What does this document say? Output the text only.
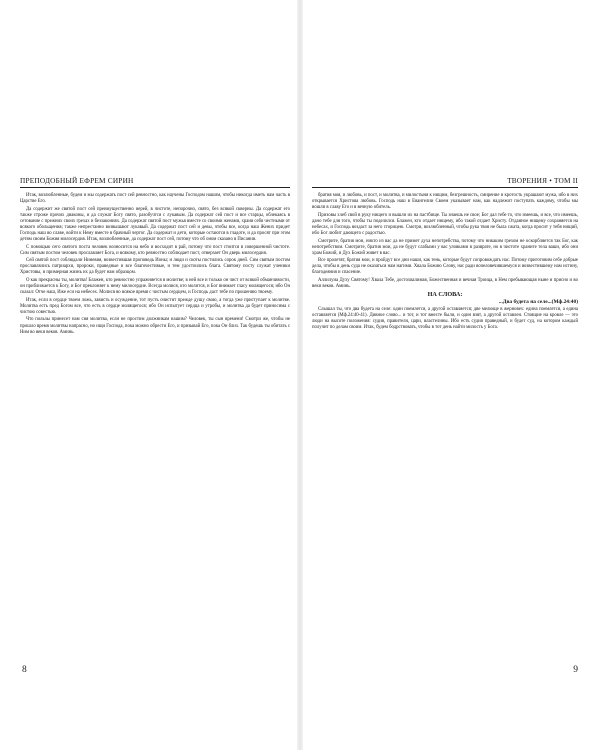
ПРЕПОДОБНЫЙ ЕФРЕМ СИРИН

Итак, возлюбленные, будем и мы содержать пост сей ревностно, как научены Господом нашим, чтобы никогда иметь нам часть в Царстве Его.

Да содержит же святой пост сей преимущественно иерей, в чистоте, непорочно, свято, без всякой скверны. Да содержат его также строже прочих диаконы, и да служат Богу свято, разобучтся с лукавым. Да содержат сей пост и все старцы, облекаясь в сетование с прежних своих грехах и беззакониях. Да содержат святой пост мужья вместе со своими женами, храня себя честными от всякого обольщения; также непрестанно возвышают лукавый. Да содержат пост сей и девы, чтобы все, когда наш Жених придет Господь наш во славе, войти к Нему вместе в брачный чертог. Да содержат и дети, которые остаются в гладоте, и да просят при этом детям своим Божия милосердия. Итак, возлюбленные, да содержат пост сей, потому что об оном сказано в Писании.

С помощью сего святого поста человек возносится на небо и восходит в рай, потому что пост стоится в совершенной чистоте. Сим святым постом человек прославляет Бога, и всякому, кто ревностно соблюдает пост, отверзает Он дверь милосердия.

Сей святой пост соблюдали Ниневия, возвестившая проповедь Ионы; и люди и скоты постились сорок дней. Сим святым постом прославлялись патриархи, пророки, праведные и все благочестивые, и тем удостоились блага. Святому посту служат ученики Христовы, и примерная жизнь их да будет нам образцом.

О как прекрасны ты, молитва! Блажен, кто ревностно упражняется в молитве; в ней все и только он чист от всякой обманчивости, он приближается к Богу, и Бог преклоняет к нему милосердие. Всегда молися, кто молится, и Бог внимает гласу молящегося; ибо Он сказал: Отче наш, Иже еси на небесех. Молися во всякое время с чистым сердцем, и Господь даст тебе по прошению твоему.

Итак, если в сердце твоем ложь, зависть и осуждение, тот пусть очистит прежде душу свою, а тогда уже приступает к молитве. Молитва есть пред Богом все, что есть в сердце молящегося; ибо Он испытует сердца и утробы, и молитва да будет приносима с чистою совестью.

Что пользы принесет нам сия молитва, если не простим должникам нашим? Человек, ты сын времени! Смотри же, чтобы не прошло время молитвы напрасно, но ищи Господа, пока можно обрести Его, и призывай Его, пока Он близ. Так будешь ты обитать с Ним во веки веков. Аминь.

8
ТВОРЕНИЯ • ТОМ II

братия моя, и любовь, и пост, и молитва, и милостыня к нищим, безгрешность, смирение и кротость украшают мужа, ибо в них открывается Христова любовь. Господь наш в Евангелии Своем указывает нам, как надлежит поступать каждому, чтобы мы вошли в славу Его и в вечную обитель.

Призовы хлеб свой в руку нищего и вышли их на пастбище. Ты знаешь не свое; Бог дал тебе то, что имеешь, и все, что имеешь, дано тебе для того, чтобы ты поделился. Блажен, кто отдает нищему, ибо такой отдает Христу. Отданное нищему сохраняется на небесах, и Господь воздаст за него сторицею. Смотри, возлюбленный, чтобы рука твоя не была сжата, когда просит у тебя нищий, ибо Бог любит дающего с радостью.

Смотрите, братия мои, никто из вас да не примет духа непотребства, потому что никаким грехом не оскорбляется так Бог, как непотребством. Смотрите, братия мои, да не будут слабыми у вас уловками в разврате, но в чистоте храните тела ваши, ибо они храм Божий, и Дух Божий живет в вас.

Все пролетят, братия мои, и пройдут все дни наши, как тень, которые будут сопровождать нас. Потому приготовим себе добрые дела, чтобы в день суда не оказаться нам нагими. Хвала Божию Слову, нас ради вочеловечившемуся и возвестившему нам истину, благодеяния и спасение.

Аллилуиа Духу Святому! Хвала Тебе, достохвалимая, Божественная и вечная Троица, в Нем пребывающая ныне и присно и во веки веков. Аминь.

НА СЛОВА:

...Два будета на селе...(Мф.24:40)

Слышал ты, что два будета на селе: один поемлется, а другой оставляется; две мелюще в жерновех: едина поемлется, а едина оставляется (Мф.24:40-41). Дивное слово... и тот, и тот вместе были, и один взят, а другой оставлен. Стоящие на кровле — это люди на высоте положения: судия, правители, цари, властелины. Ибо есть судия праведный, и будет суд, на котором каждый получит по делам своим. Итак, будем бодрствовать, чтобы в тот день найти милость у Бога.

9
